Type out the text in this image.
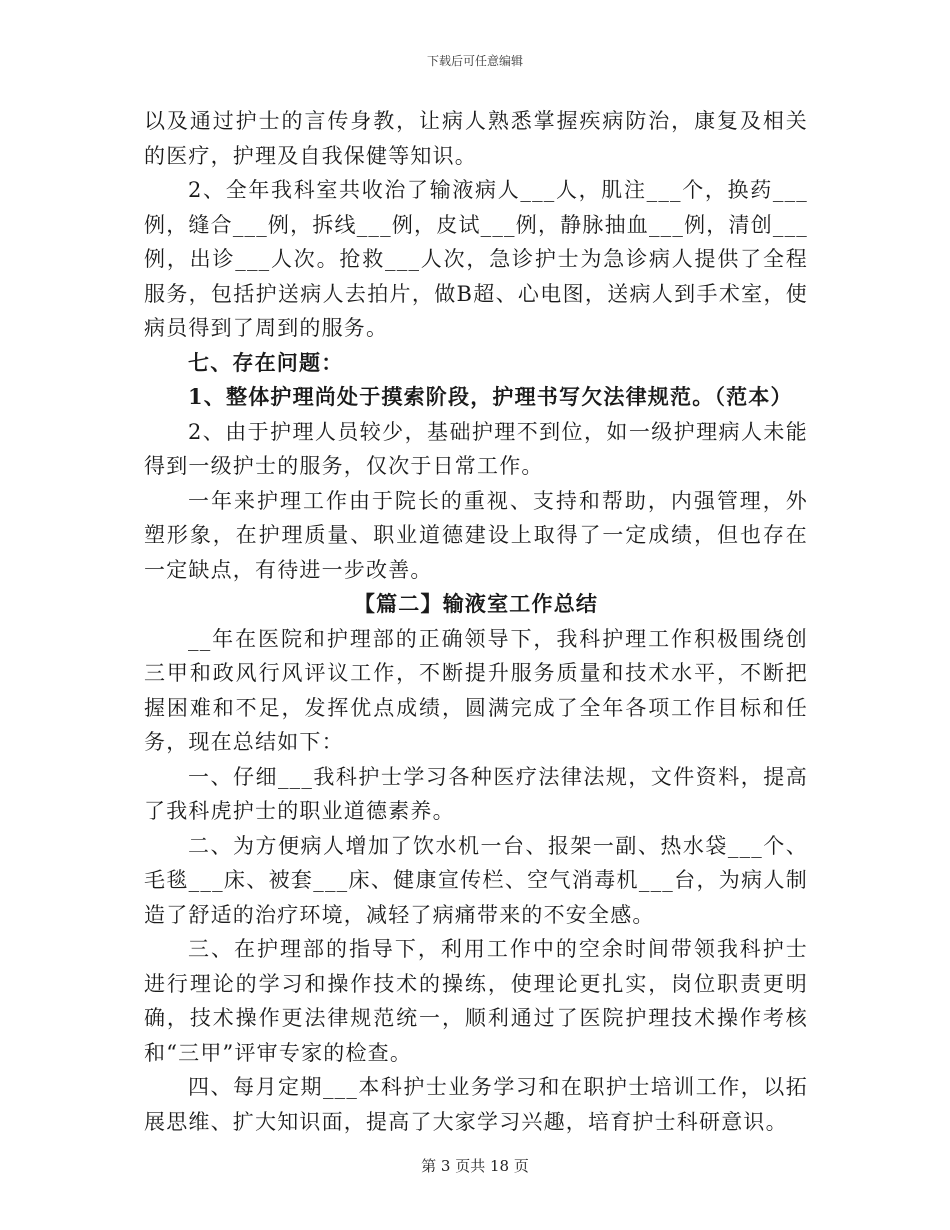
下载后可任意编辑

以及通过护士的言传身教，让病人熟悉掌握疾病防治，康复及相关的医疗，护理及自我保健等知识。

2、全年我科室共收治了输液病人___人，肌注___个，换药___例，缝合___例，拆线___例，皮试___例，静脉抽血___例，清创___例，出诊___人次。抢救___人次，急诊护士为急诊病人提供了全程服务，包括护送病人去拍片，做B超、心电图，送病人到手术室，使病员得到了周到的服务。

七、存在问题：

1、整体护理尚处于摸索阶段，护理书写欠法律规范。（范本）

2、由于护理人员较少，基础护理不到位，如一级护理病人未能得到一级护士的服务，仅次于日常工作。

一年来护理工作由于院长的重视、支持和帮助，内强管理，外塑形象，在护理质量、职业道德建设上取得了一定成绩，但也存在一定缺点，有待进一步改善。

【篇二】输液室工作总结

__年在医院和护理部的正确领导下，我科护理工作积极围绕创三甲和政风行风评议工作，不断提升服务质量和技术水平，不断把握困难和不足，发挥优点成绩，圆满完成了全年各项工作目标和任务，现在总结如下：

一、仔细___我科护士学习各种医疗法律法规，文件资料，提高了我科虎护士的职业道德素养。

二、为方便病人增加了饮水机一台、报架一副、热水袋___个、毛毯___床、被套___床、健康宣传栏、空气消毒机___台，为病人制造了舒适的治疗环境，减轻了病痛带来的不安全感。

三、在护理部的指导下，利用工作中的空余时间带领我科护士进行理论的学习和操作技术的操练，使理论更扎实，岗位职责更明确，技术操作更法律规范统一，顺利通过了医院护理技术操作考核和“三甲”评审专家的检查。

四、每月定期___本科护士业务学习和在职护士培训工作，以拓展思维、扩大知识面，提高了大家学习兴趣，培育护士科研意识。

第 3 页共 18 页
